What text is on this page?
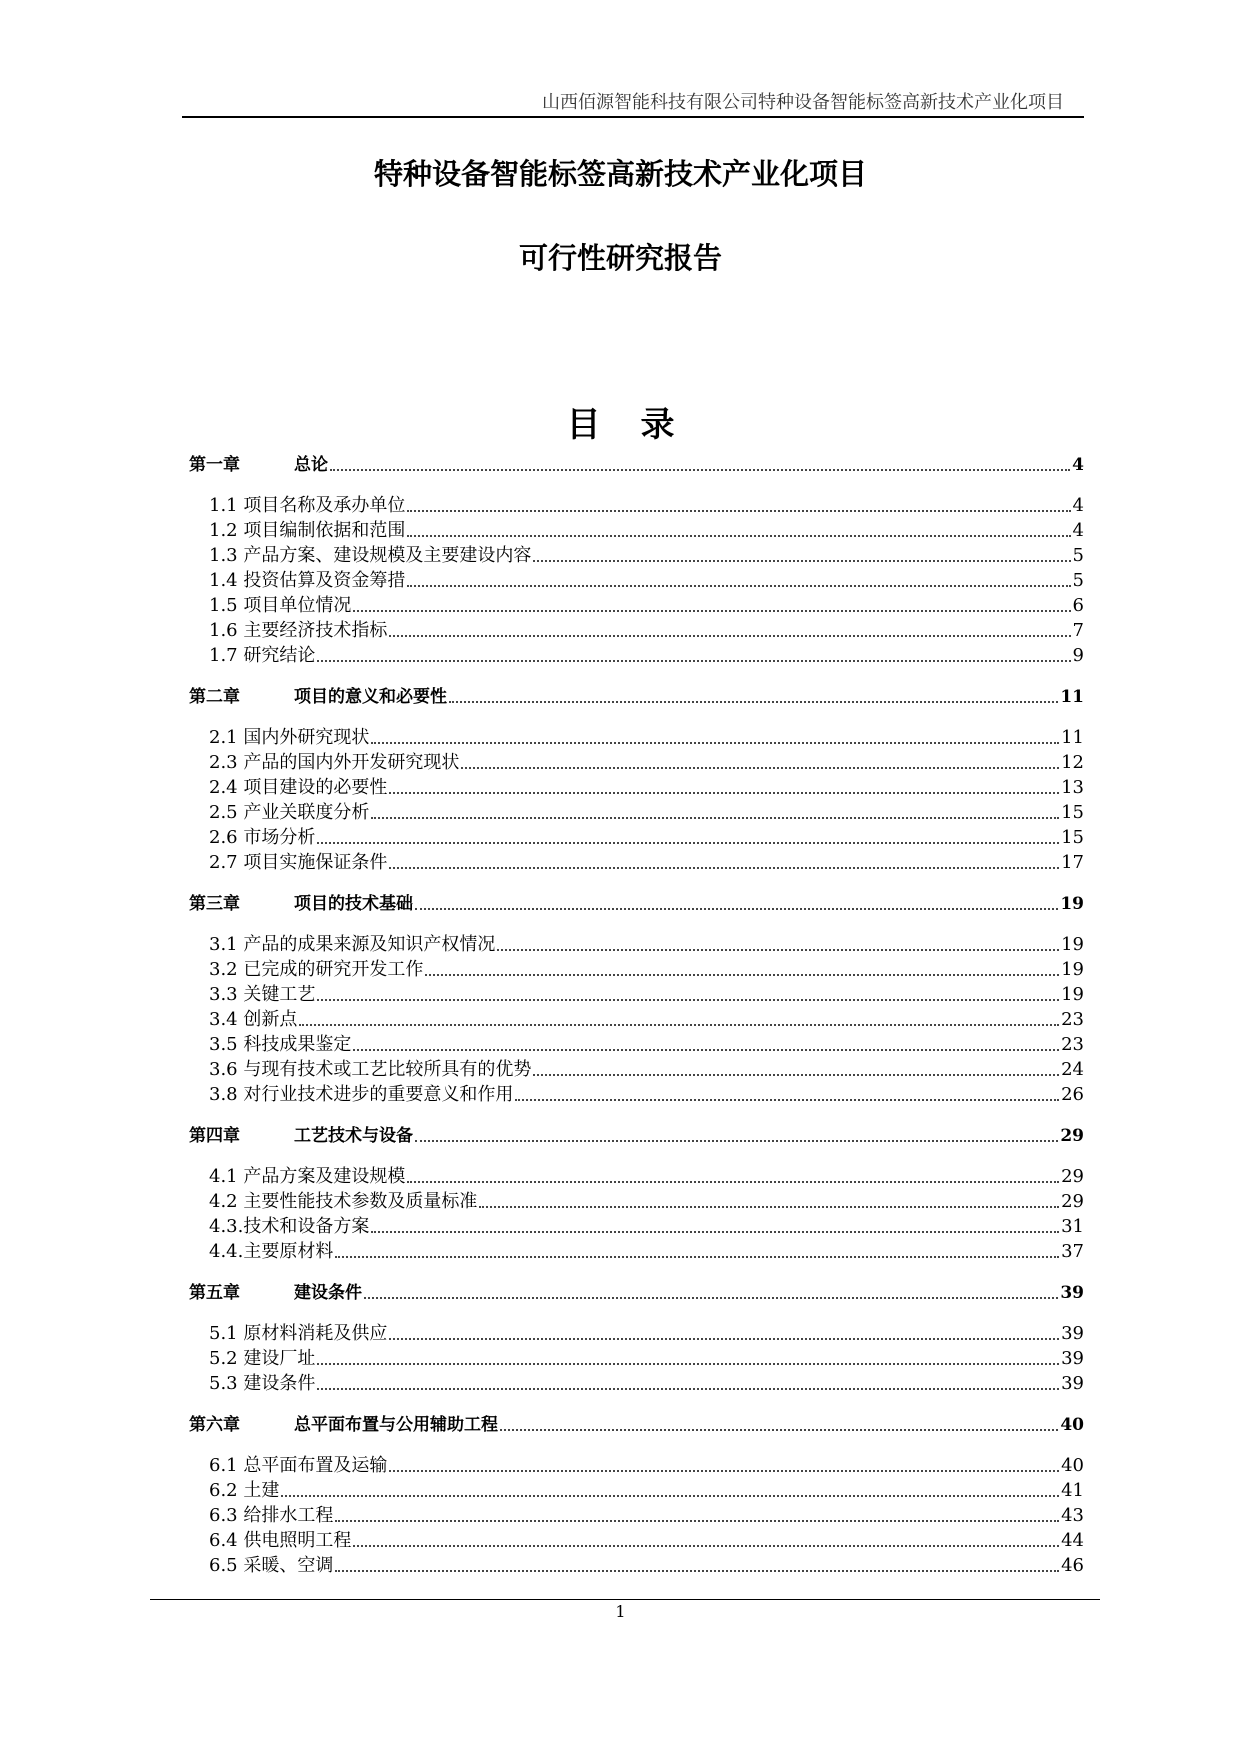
山西佰源智能科技有限公司特种设备智能标签高新技术产业化项目
特种设备智能标签高新技术产业化项目
可行性研究报告
目录
第一章	总论	4
1.1 项目名称及承办单位	4
1.2 项目编制依据和范围	4
1.3 产品方案、建设规模及主要建设内容	5
1.4 投资估算及资金筹措	5
1.5 项目单位情况	6
1.6 主要经济技术指标	7
1.7 研究结论	9
第二章	项目的意义和必要性	11
2.1 国内外研究现状	11
2.3 产品的国内外开发研究现状	12
2.4 项目建设的必要性	13
2.5 产业关联度分析	15
2.6 市场分析	15
2.7 项目实施保证条件	17
第三章	项目的技术基础	19
3.1 产品的成果来源及知识产权情况	19
3.2 已完成的研究开发工作	19
3.3 关键工艺	19
3.4 创新点	23
3.5 科技成果鉴定	23
3.6 与现有技术或工艺比较所具有的优势	24
3.8 对行业技术进步的重要意义和作用	26
第四章	工艺技术与设备	29
4.1 产品方案及建设规模	29
4.2 主要性能技术参数及质量标准	29
4.3.技术和设备方案	31
4.4.主要原材料	37
第五章	建设条件	39
5.1 原材料消耗及供应	39
5.2 建设厂址	39
5.3 建设条件	39
第六章	总平面布置与公用辅助工程	40
6.1 总平面布置及运输	40
6.2 土建	41
6.3 给排水工程	43
6.4 供电照明工程	44
6.5 采暖、空调	46
1
